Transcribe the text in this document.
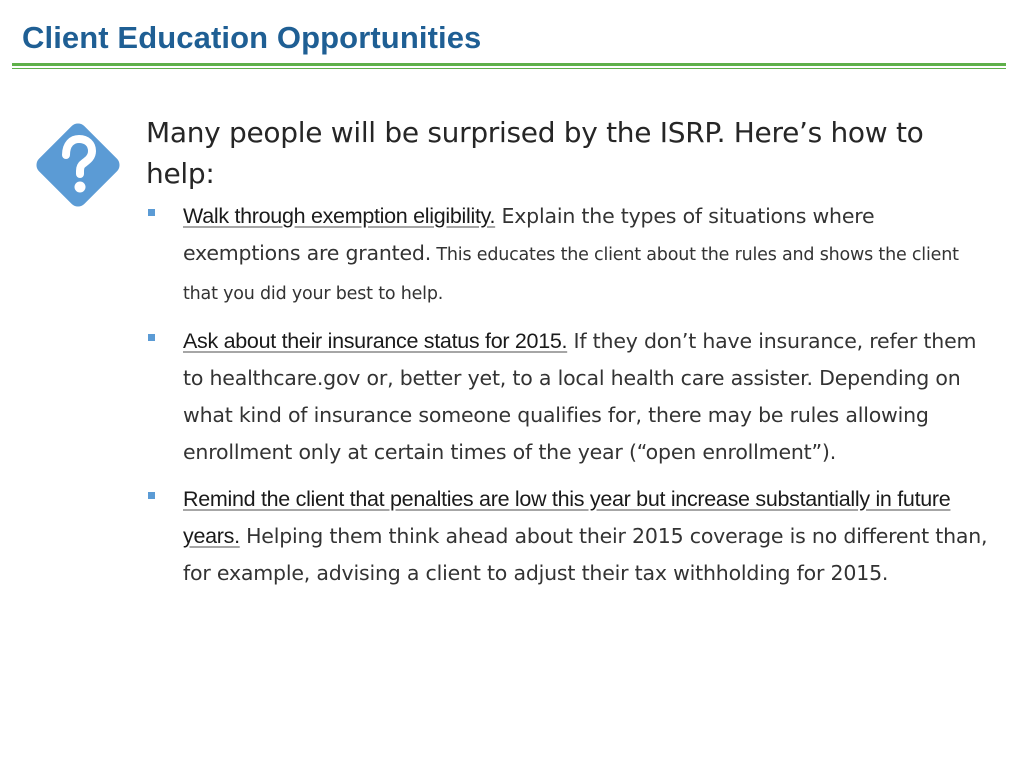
Client Education Opportunities

Many people will be surprised by the ISRP. Here’s how to help:

Walk through exemption eligibility. Explain the types of situations where exemptions are granted. This educates the client about the rules and shows the client that you did your best to help.
Ask about their insurance status for 2015. If they don’t have insurance, refer them to healthcare.gov or, better yet, to a local health care assister. Depending on what kind of insurance someone qualifies for, there may be rules allowing enrollment only at certain times of the year (“open enrollment”).
Remind the client that penalties are low this year but increase substantially in future years. Helping them think ahead about their 2015 coverage is no different than, for example, advising a client to adjust their tax withholding for 2015.
